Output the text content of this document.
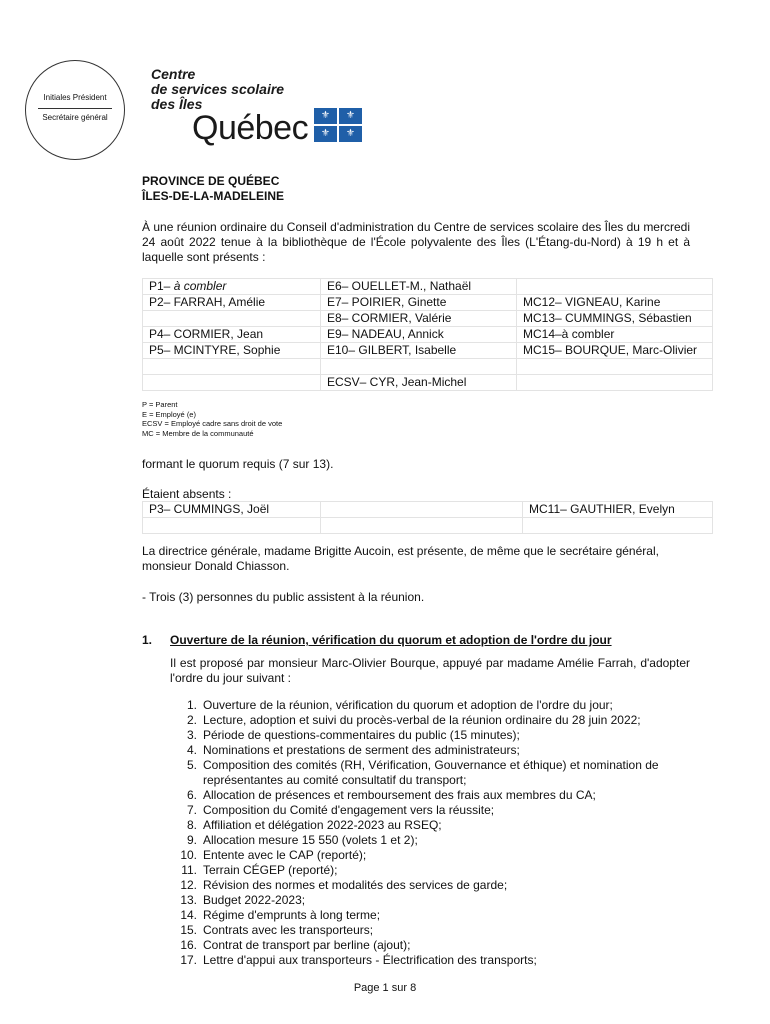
Initiales Président
Secrétaire général
Centre
de services scolaire
des Îles
Québec	⚜	⚜
⚜	⚜
PROVINCE DE QUÉBEC
ÎLES-DE-LA-MADELEINE
À une réunion ordinaire du Conseil d'administration du Centre de services scolaire des Îles du mercredi 24 août 2022 tenue à la bibliothèque de l'École polyvalente des Îles (L'Étang-du-Nord) à 19 h et à laquelle sont présents :
P1– à combler	E6– OUELLET-M., Nathaël	
P2– FARRAH, Amélie	E7– POIRIER, Ginette	MC12– VIGNEAU, Karine
	E8– CORMIER, Valérie	MC13– CUMMINGS, Sébastien
P4– CORMIER, Jean	E9– NADEAU, Annick	MC14–à combler
P5– MCINTYRE, Sophie	E10– GILBERT, Isabelle	MC15– BOURQUE, Marc-Olivier

	ECSV– CYR, Jean-Michel	
P = Parent
E = Employé (e)
ECSV = Employé cadre sans droit de vote
MC = Membre de la communauté
formant le quorum requis (7 sur 13).
Étaient absents :
P3– CUMMINGS, Joël		MC11– GAUTHIER, Evelyn

La directrice générale, madame Brigitte Aucoin, est présente, de même que le secrétaire général, monsieur Donald Chiasson.
- Trois (3) personnes du public assistent à la réunion.
1. Ouverture de la réunion, vérification du quorum et adoption de l'ordre du jour
Il est proposé par monsieur Marc-Olivier Bourque, appuyé par madame Amélie Farrah, d'adopter l'ordre du jour suivant :
1. Ouverture de la réunion, vérification du quorum et adoption de l'ordre du jour;
2. Lecture, adoption et suivi du procès-verbal de la réunion ordinaire du 28 juin 2022;
3. Période de questions-commentaires du public (15 minutes);
4. Nominations et prestations de serment des administrateurs;
5. Composition des comités (RH, Vérification, Gouvernance et éthique) et nomination de représentantes au comité consultatif du transport;
6. Allocation de présences et remboursement des frais aux membres du CA;
7. Composition du Comité d'engagement vers la réussite;
8. Affiliation et délégation 2022-2023 au RSEQ;
9. Allocation mesure 15 550 (volets 1 et 2);
10. Entente avec le CAP (reporté);
11. Terrain CÉGEP (reporté);
12. Révision des normes et modalités des services de garde;
13. Budget 2022-2023;
14. Régime d'emprunts à long terme;
15. Contrats avec les transporteurs;
16. Contrat de transport par berline (ajout);
17. Lettre d'appui aux transporteurs - Électrification des transports;
Page 1 sur 8
